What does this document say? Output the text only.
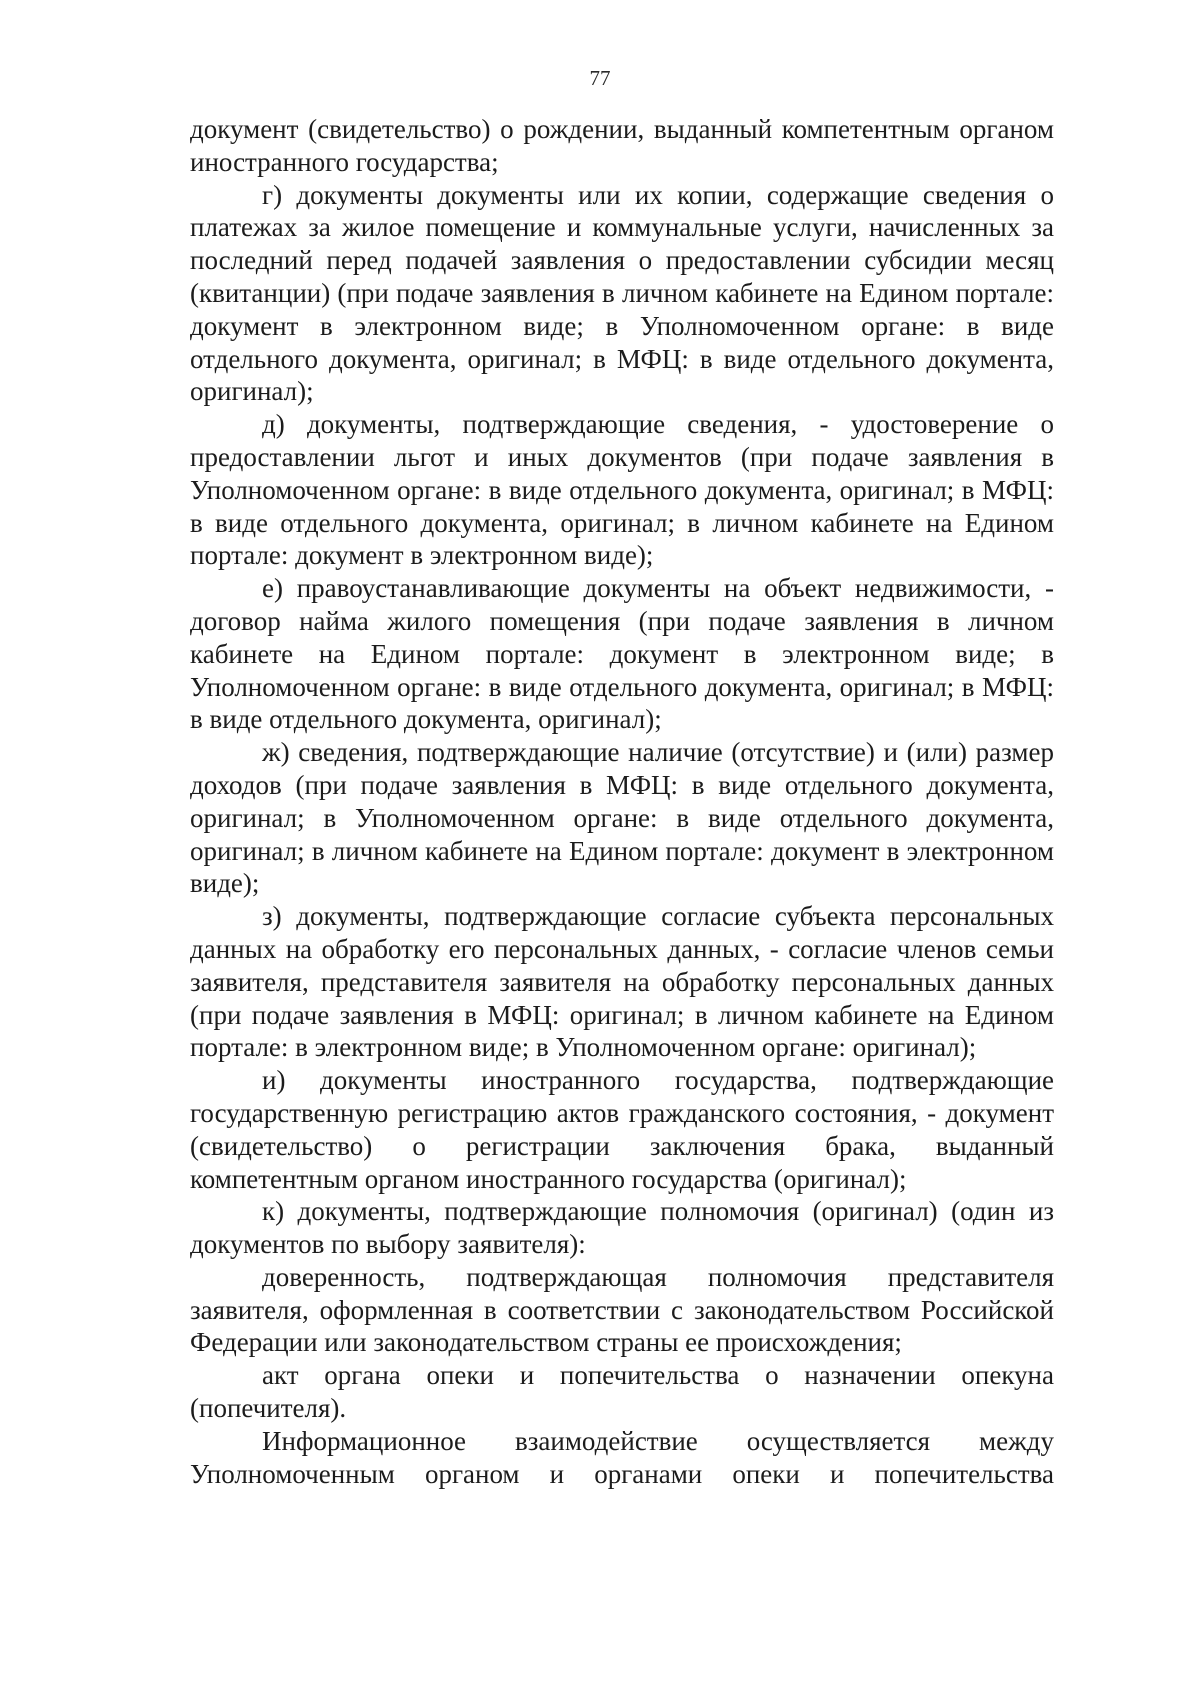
77

документ (свидетельство) о рождении, выданный компетентным органом иностранного государства;

г) документы документы или их копии, содержащие сведения о платежах за жилое помещение и коммунальные услуги, начисленных за последний перед подачей заявления о предоставлении субсидии месяц (квитанции) (при подаче заявления в личном кабинете на Едином портале: документ в электронном виде; в Уполномоченном органе: в виде отдельного документа, оригинал; в МФЦ: в виде отдельного документа, оригинал);

д) документы, подтверждающие сведения, - удостоверение о предоставлении льгот и иных документов (при подаче заявления в Уполномоченном органе: в виде отдельного документа, оригинал; в МФЦ: в виде отдельного документа, оригинал; в личном кабинете на Едином портале: документ в электронном виде);

е) правоустанавливающие документы на объект недвижимости, - договор найма жилого помещения (при подаче заявления в личном кабинете на Едином портале: документ в электронном виде; в Уполномоченном органе: в виде отдельного документа, оригинал; в МФЦ: в виде отдельного документа, оригинал);

ж) сведения, подтверждающие наличие (отсутствие) и (или) размер доходов (при подаче заявления в МФЦ: в виде отдельного документа, оригинал; в Уполномоченном органе: в виде отдельного документа, оригинал; в личном кабинете на Едином портале: документ в электронном виде);

з) документы, подтверждающие согласие субъекта персональных данных на обработку его персональных данных, - согласие членов семьи заявителя, представителя заявителя на обработку персональных данных (при подаче заявления в МФЦ: оригинал; в личном кабинете на Едином портале: в электронном виде; в Уполномоченном органе: оригинал);

и) документы иностранного государства, подтверждающие государственную регистрацию актов гражданского состояния, - документ (свидетельство) о регистрации заключения брака, выданный компетентным органом иностранного государства (оригинал);

к) документы, подтверждающие полномочия (оригинал) (один из документов по выбору заявителя):

доверенность, подтверждающая полномочия представителя заявителя, оформленная в соответствии с законодательством Российской Федерации или законодательством страны ее происхождения;

акт органа опеки и попечительства о назначении опекуна (попечителя).

Информационное взаимодействие осуществляется между Уполномоченным органом и органами опеки и попечительства
